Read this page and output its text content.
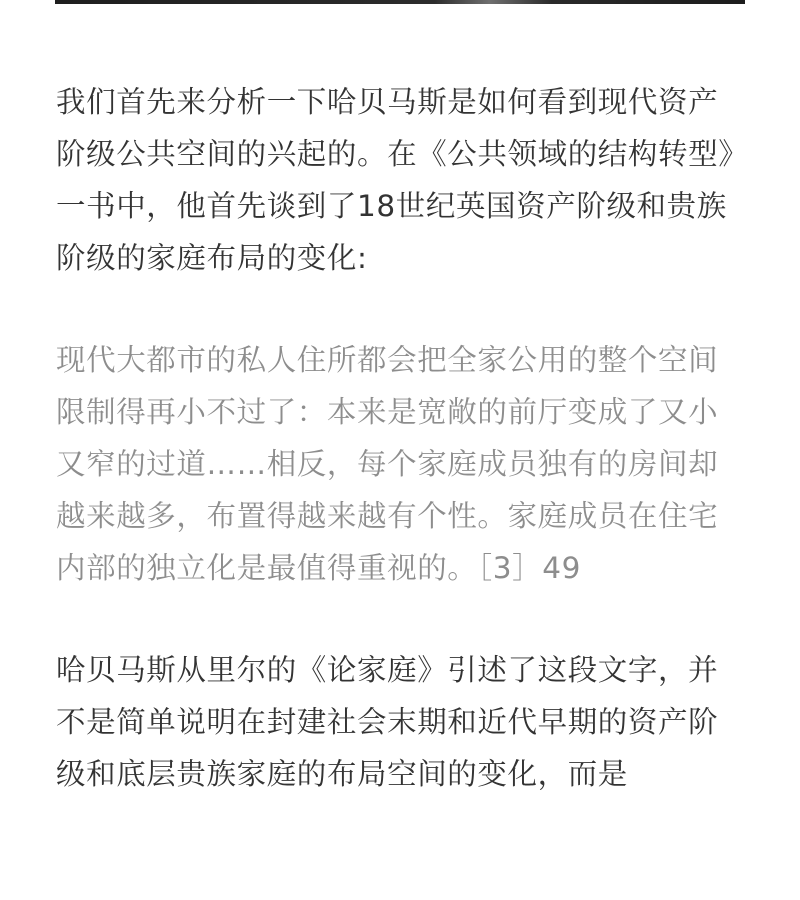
我们首先来分析一下哈贝马斯是如何看到现代资产阶级公共空间的兴起的。在《公共领域的结构转型》一书中，他首先谈到了18世纪英国资产阶级和贵族阶级的家庭布局的变化:

现代大都市的私人住所都会把全家公用的整个空间限制得再小不过了：本来是宽敞的前厅变成了又小又窄的过道……相反，每个家庭成员独有的房间却越来越多，布置得越来越有个性。家庭成员在住宅内部的独立化是最值得重视的。［3］49

哈贝马斯从里尔的《论家庭》引述了这段文字，并不是简单说明在封建社会末期和近代早期的资产阶级和底层贵族家庭的布局空间的变化，而是
